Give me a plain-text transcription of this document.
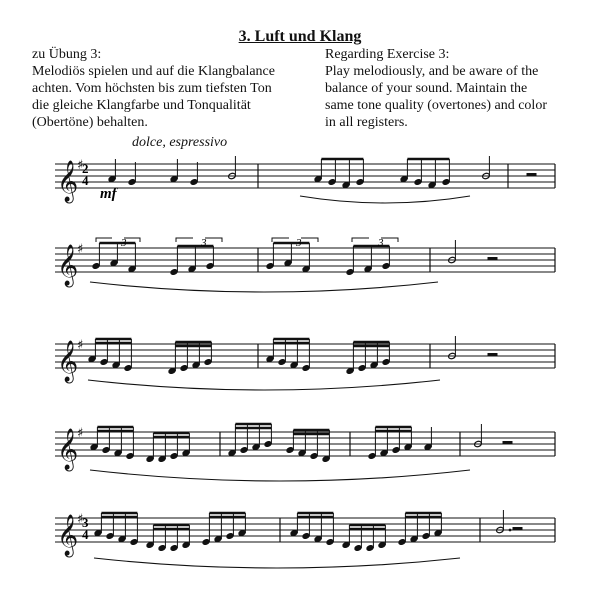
3. Luft und Klang
zu Übung 3:
Melodiös spielen und auf die Klangbalance
achten. Vom höchsten bis zum tiefsten Ton
die gleiche Klangfarbe und Tonqualität
(Obertöne) behalten.
Regarding Exercise 3:
Play melodiously, and be aware of the
balance of your sound. Maintain the
same tone quality (overtones) and color
in all registers.
dolce, espressivo
𝄞
♯
𝄞
♯
𝄞
♯
𝄞
♯
𝄞
♯
mf
2
4
3
4
3	3	3	3
